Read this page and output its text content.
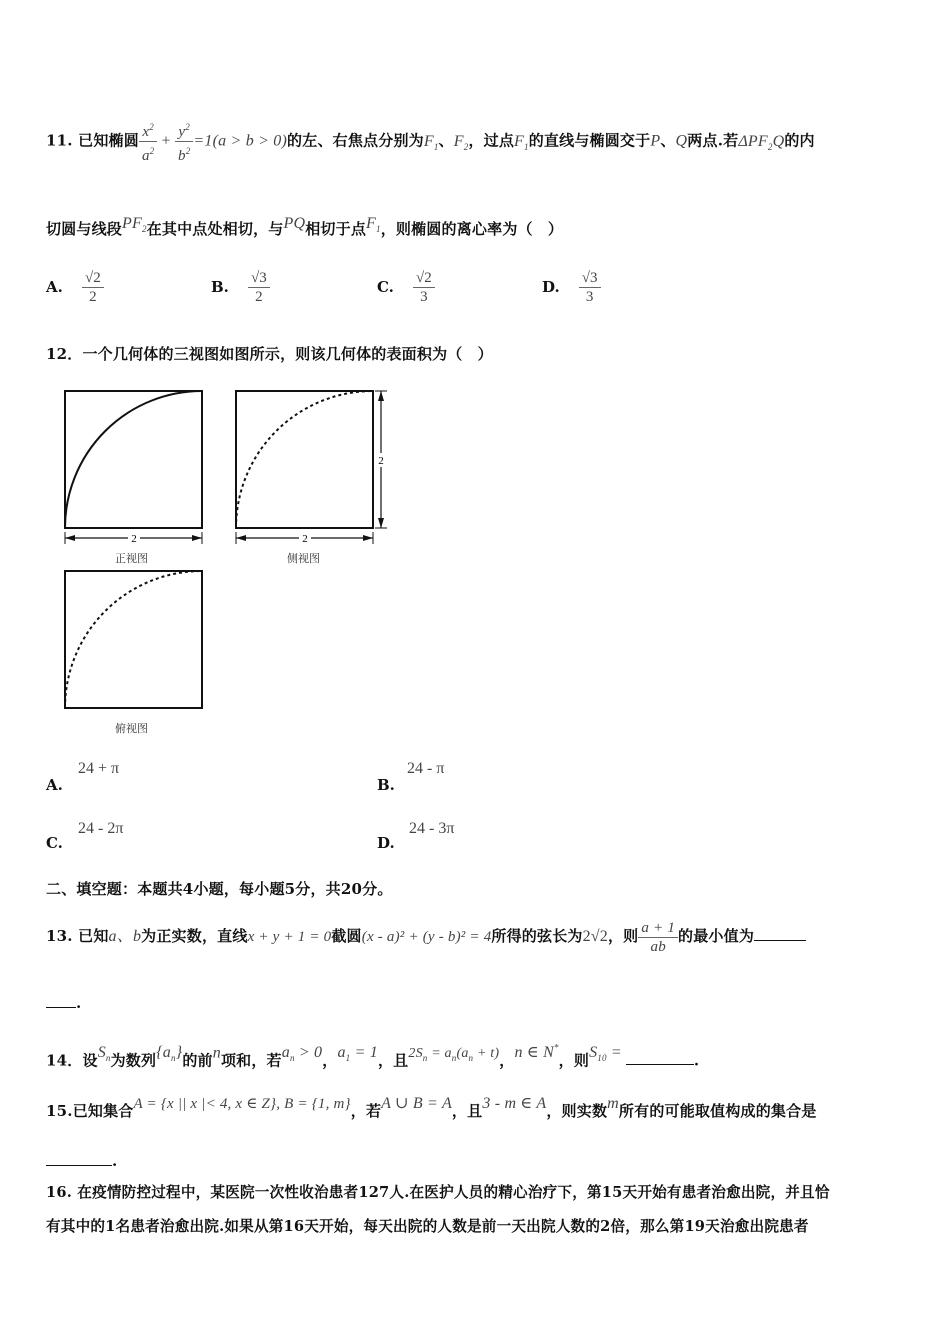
11. 已知椭圆 $\frac{x^2}{a^2} + \frac{y^2}{b^2} =1(a > b > 0)$的左、右焦点分别为$F_1$、$F_2$，过点$F_1$的直线与椭圆交于P、Q两点.若$\Delta PF_2Q$的内
切圆与线段$PF_2$在其中点处相切，与PQ相切于点$F_1$，则椭圆的离心率为（　）
A. $\frac{√2}{2}$	B. $\frac{√3}{2}$	C. $\frac{√2}{3}$	D. $\frac{√3}{3}$
12．一个几何体的三视图如图所示，则该几何体的表面积为（　）
2	2
2
正视图	侧视图
俯视图
24 + π
A.
24 - π
B.
24 - 2π
C.
24 - 3π
D.
二、填空题：本题共4小题，每小题5分，共20分。
13. 已知a、b为正实数，直线x + y + 1 = 0截圆(x - a)² + (y - b)² = 4所得的弦长为2√2，则 $\frac{a + 1}{ab}$ 的最小值为
.
14．设$S_n$为数列$\{a_n\}$的前n项和，若$a_n > 0$，$a_1 = 1$，且$2S_n = a_n(a_n + t)$，n ∈ N*，则$S_{10}$ =	.
15.已知集合A = {x || x |< 4, x ∈ Z}, B = {1, m}，若A ∪ B = A，且3 - m ∈ A，则实数m所有的可能取值构成的集合是
.
16. 在疫情防控过程中，某医院一次性收治患者127人.在医护人员的精心治疗下，第15天开始有患者治愈出院，并且恰
有其中的1名患者治愈出院.如果从第16天开始，每天出院的人数是前一天出院人数的2倍，那么第19天治愈出院患者
